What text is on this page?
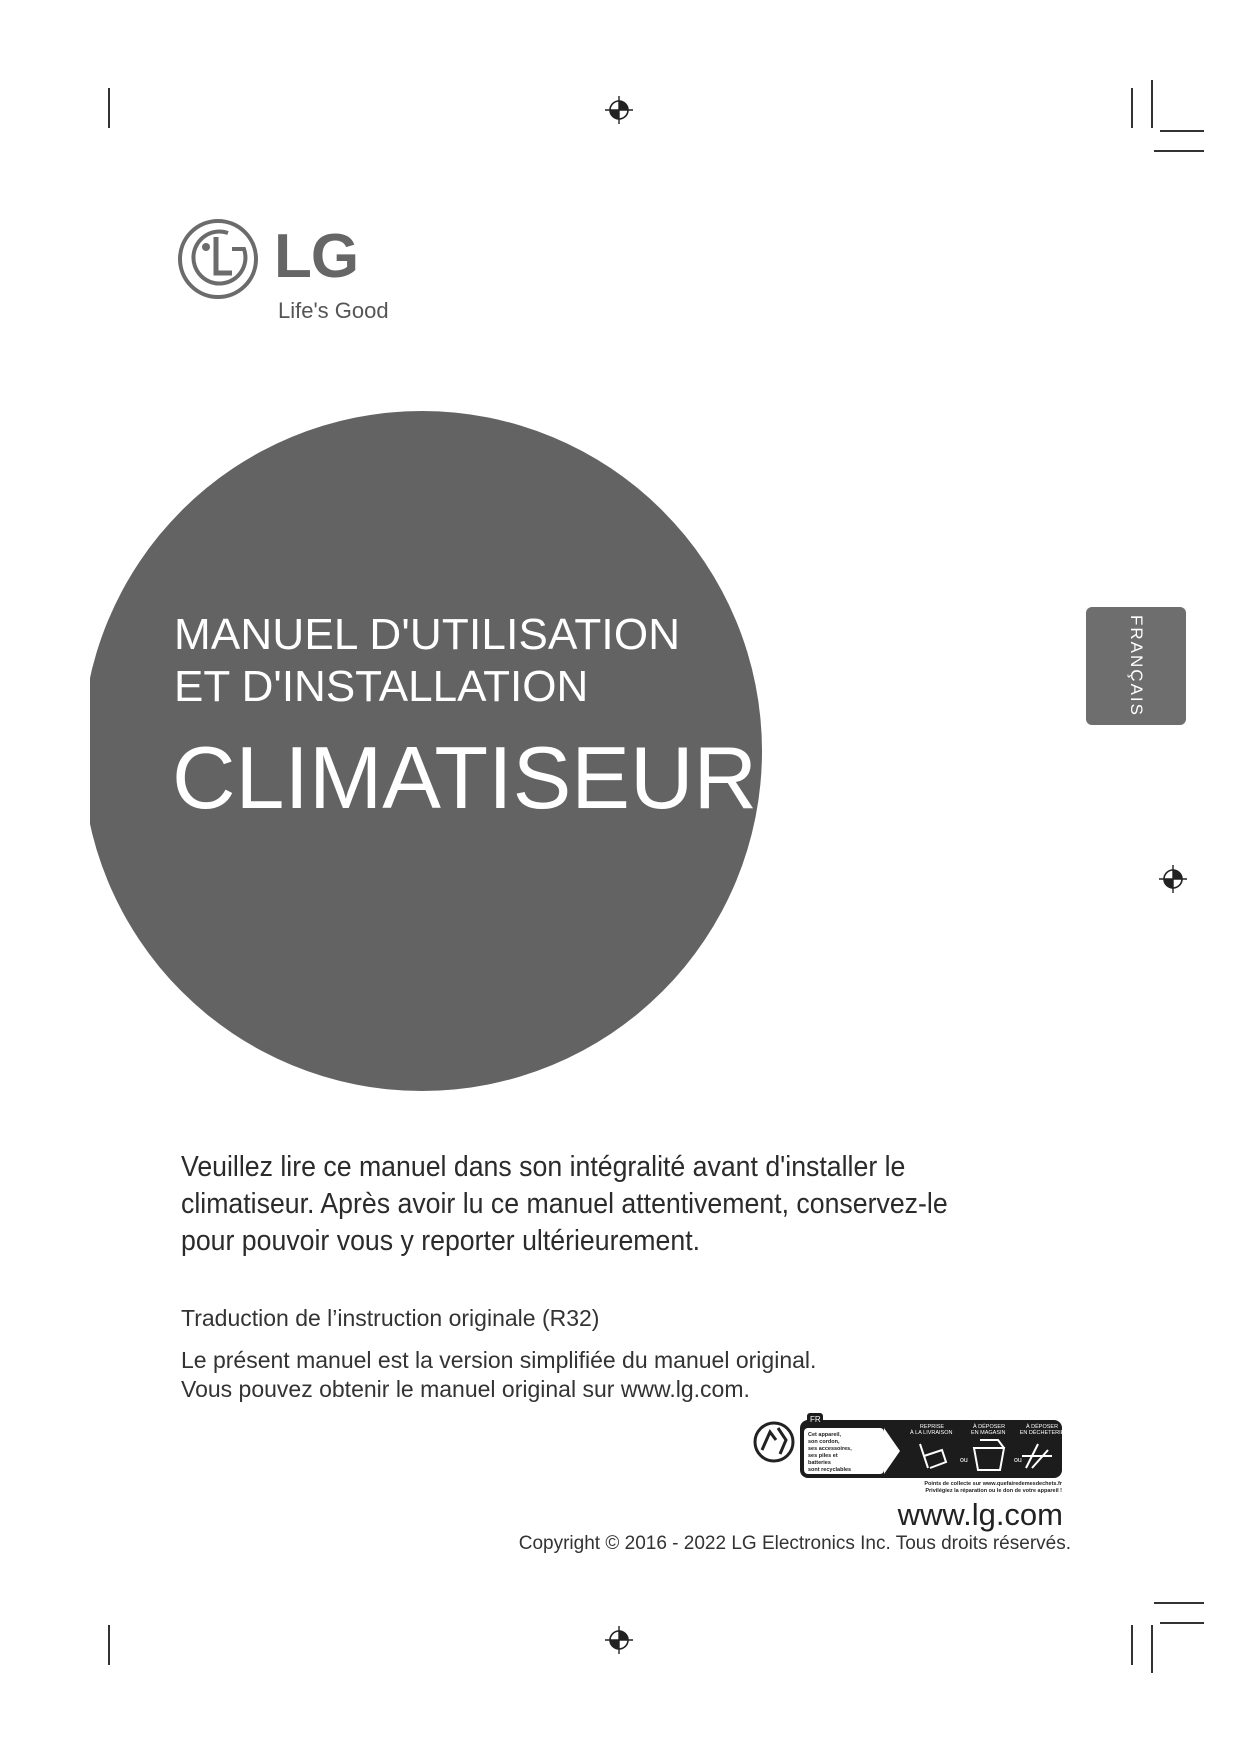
LG
Life's Good
MANUEL D'UTILISATION
ET D'INSTALLATION
CLIMATISEUR
FRANÇAIS
Veuillez lire ce manuel dans son intégralité avant d'installer le climatiseur. Après avoir lu ce manuel attentivement, conservez-le pour pouvoir vous y reporter ultérieurement.
Traduction de l’instruction originale (R32)
Le présent manuel est la version simplifiée du manuel original.
Vous pouvez obtenir le manuel original sur www.lg.com.
FR
Cet appareil, son cordon, ses accessoires, ses piles et batteries sont recyclables
REPRISE À LA LIVRAISON À DÉPOSER EN MAGASIN À DÉPOSER EN DÉCHETERIE
ou	ou
Points de collecte sur www.quefairedemesdechets.fr
Privilégiez la réparation ou le don de votre appareil !
www.lg.com
Copyright © 2016 - 2022 LG Electronics Inc. Tous droits réservés.
